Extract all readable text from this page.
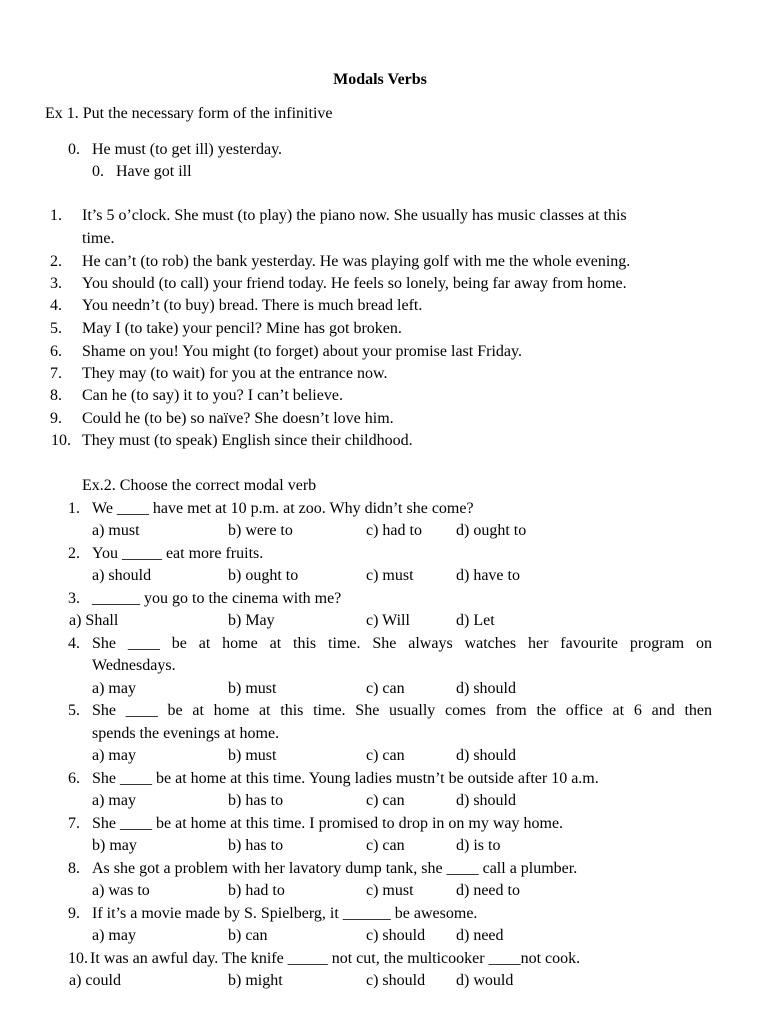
Modals Verbs
Ex 1. Put the necessary form of the infinitive
0. He must (to get ill) yesterday.
0. Have got ill
1. It’s 5 o’clock. She must (to play) the piano now. She usually has music classes at this
time.
2. He can’t (to rob) the bank yesterday. He was playing golf with me the whole evening.
3. You should (to call) your friend today. He feels so lonely, being far away from home.
4. You needn’t (to buy) bread. There is much bread left.
5. May I (to take) your pencil? Mine has got broken.
6. Shame on you! You might (to forget) about your promise last Friday.
7. They may (to wait) for you at the entrance now.
8. Can he (to say) it to you? I can’t believe.
9. Could he (to be) so naïve? She doesn’t love him.
10. They must (to speak) English since their childhood.
Ex.2. Choose the correct modal verb
1. We ____ have met at 10 p.m. at zoo. Why didn’t she come?
a) must	b) were to	c) had to d) ought to
2. You _____ eat more fruits.
a) should	b) ought to	c) must	d) have to
3. ______ you go to the cinema with me?
a) Shall	b) May	c) Will	d) Let
4. She ____ be at home at this time. She always watches her favourite program on
Wednesdays.
a) may	b) must	c) can	d) should
5. She ____ be at home at this time. She usually comes from the office at 6 and then
spends the evenings at home.
a) may	b) must	c) can	d) should
6. She ____ be at home at this time. Young ladies mustn’t be outside after 10 a.m.
a) may	b) has to	c) can	d) should
7. She ____ be at home at this time. I promised to drop in on my way home.
b) may	b) has to	c) can	d) is to
8. As she got a problem with her lavatory dump tank, she ____ call a plumber.
a) was to	b) had to	c) must	d) need to
9. If it’s a movie made by S. Spielberg, it ______ be awesome.
a) may	b) can	c) should d) need
10. It was an awful day. The knife _____ not cut, the multicooker ____not cook.
a) could	b) might	c) should d) would
